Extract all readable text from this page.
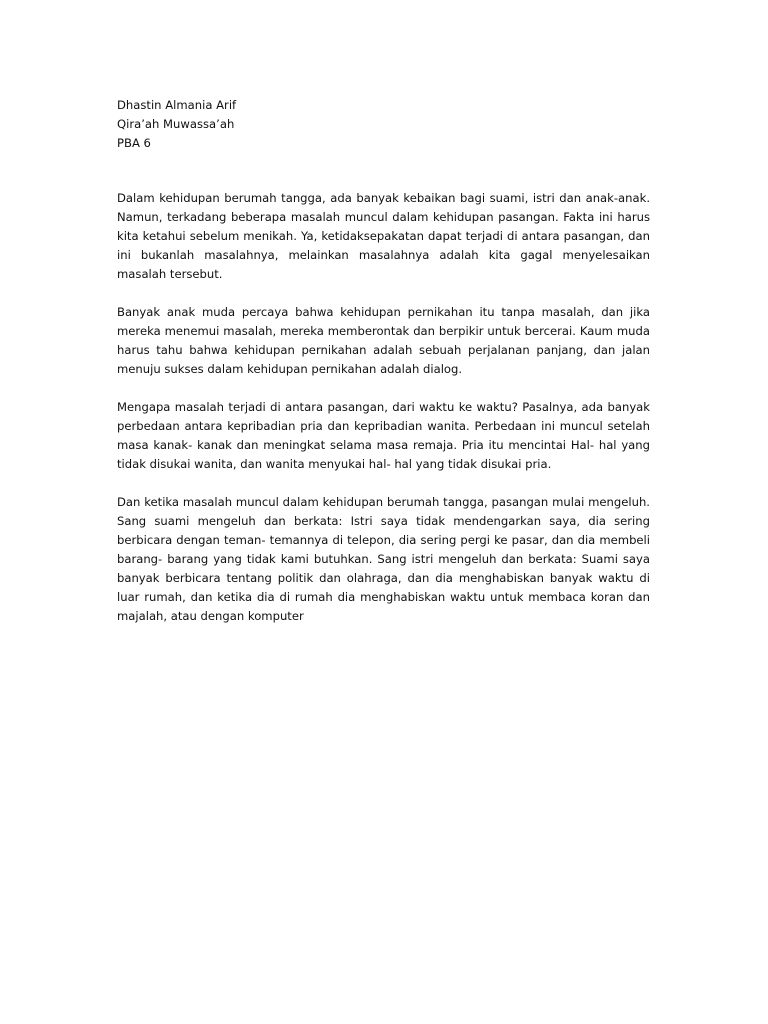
Dhastin Almania Arif

Qira’ah Muwassa’ah

PBA 6

Dalam kehidupan berumah tangga, ada banyak kebaikan bagi suami, istri dan anak-anak. Namun, terkadang beberapa masalah muncul dalam kehidupan pasangan. Fakta ini harus kita ketahui sebelum menikah. Ya, ketidaksepakatan dapat terjadi di antara pasangan, dan ini bukanlah masalahnya, melainkan masalahnya adalah kita gagal menyelesaikan masalah tersebut.

Banyak anak muda percaya bahwa kehidupan pernikahan itu tanpa masalah, dan jika mereka menemui masalah, mereka memberontak dan berpikir untuk bercerai. Kaum muda harus tahu bahwa kehidupan pernikahan adalah sebuah perjalanan panjang, dan jalan menuju sukses dalam kehidupan pernikahan adalah dialog.

Mengapa masalah terjadi di antara pasangan, dari waktu ke waktu? Pasalnya, ada banyak perbedaan antara kepribadian pria dan kepribadian wanita. Perbedaan ini muncul setelah masa kanak- kanak dan meningkat selama masa remaja. Pria itu mencintai Hal- hal yang tidak disukai wanita, dan wanita menyukai hal- hal yang tidak disukai pria.

Dan ketika masalah muncul dalam kehidupan berumah tangga, pasangan mulai mengeluh. Sang suami mengeluh dan berkata: Istri saya tidak mendengarkan saya, dia sering berbicara dengan teman- temannya di telepon, dia sering pergi ke pasar, dan dia membeli barang- barang yang tidak kami butuhkan. Sang istri mengeluh dan berkata: Suami saya banyak berbicara tentang politik dan olahraga, dan dia menghabiskan banyak waktu di luar rumah, dan ketika dia di rumah dia menghabiskan waktu untuk membaca koran dan majalah, atau dengan komputer
